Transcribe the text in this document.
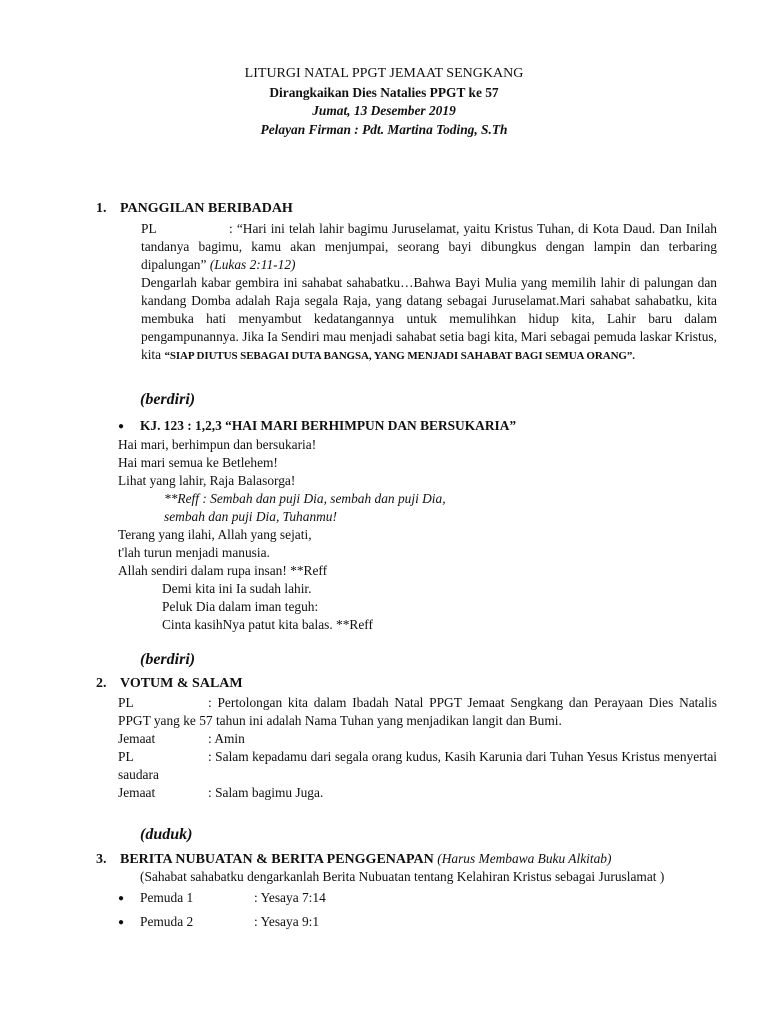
LITURGI NATAL PPGT JEMAAT SENGKANG
Dirangkaikan Dies Natalies PPGT ke 57
Jumat, 13 Desember 2019
Pelayan Firman : Pdt. Martina Toding, S.Th
1. PANGGILAN BERIBADAH
PL	: “Hari ini telah lahir bagimu Juruselamat, yaitu Kristus Tuhan, di Kota Daud. Dan Inilah tandanya bagimu, kamu akan menjumpai, seorang bayi dibungkus dengan lampin dan terbaring dipalungan” (Lukas 2:11-12)
Dengarlah kabar gembira ini sahabat sahabatku…Bahwa Bayi Mulia yang memilih lahir di palungan dan kandang Domba adalah Raja segala Raja, yang datang sebagai Juruselamat.Mari sahabat sahabatku, kita membuka hati menyambut kedatangannya untuk memulihkan hidup kita, Lahir baru dalam pengampunannya. Jika Ia Sendiri mau menjadi sahabat setia bagi kita, Mari sebagai pemuda laskar Kristus, kita “SIAP DIUTUS SEBAGAI DUTA BANGSA, YANG MENJADI SAHABAT BAGI SEMUA ORANG”.
(berdiri)
● KJ. 123 : 1,2,3 “HAI MARI BERHIMPUN DAN BERSUKARIA”
Hai mari, berhimpun dan bersukaria!
Hai mari semua ke Betlehem!
Lihat yang lahir, Raja Balasorga!
**Reff : Sembah dan puji Dia, sembah dan puji Dia,
sembah dan puji Dia, Tuhanmu!
Terang yang ilahi, Allah yang sejati,
t'lah turun menjadi manusia.
Allah sendiri dalam rupa insan! **Reff
Demi kita ini Ia sudah lahir.
Peluk Dia dalam iman teguh:
Cinta kasihNya patut kita balas. **Reff
(berdiri)
2. VOTUM & SALAM
PL	: Pertolongan kita dalam Ibadah Natal PPGT Jemaat Sengkang dan Perayaan Dies Natalis PPGT yang ke 57 tahun ini adalah Nama Tuhan yang menjadikan langit dan Bumi.
Jemaat	: Amin
PL	: Salam kepadamu dari segala orang kudus, Kasih Karunia dari Tuhan Yesus Kristus menyertai saudara
Jemaat	: Salam bagimu Juga.
(duduk)
3. BERITA NUBUATAN & BERITA PENGGENAPAN (Harus Membawa Buku Alkitab)
(Sahabat sahabatku dengarkanlah Berita Nubuatan tentang Kelahiran Kristus sebagai Juruslamat )
● Pemuda 1	: Yesaya 7:14
● Pemuda 2	: Yesaya 9:1
